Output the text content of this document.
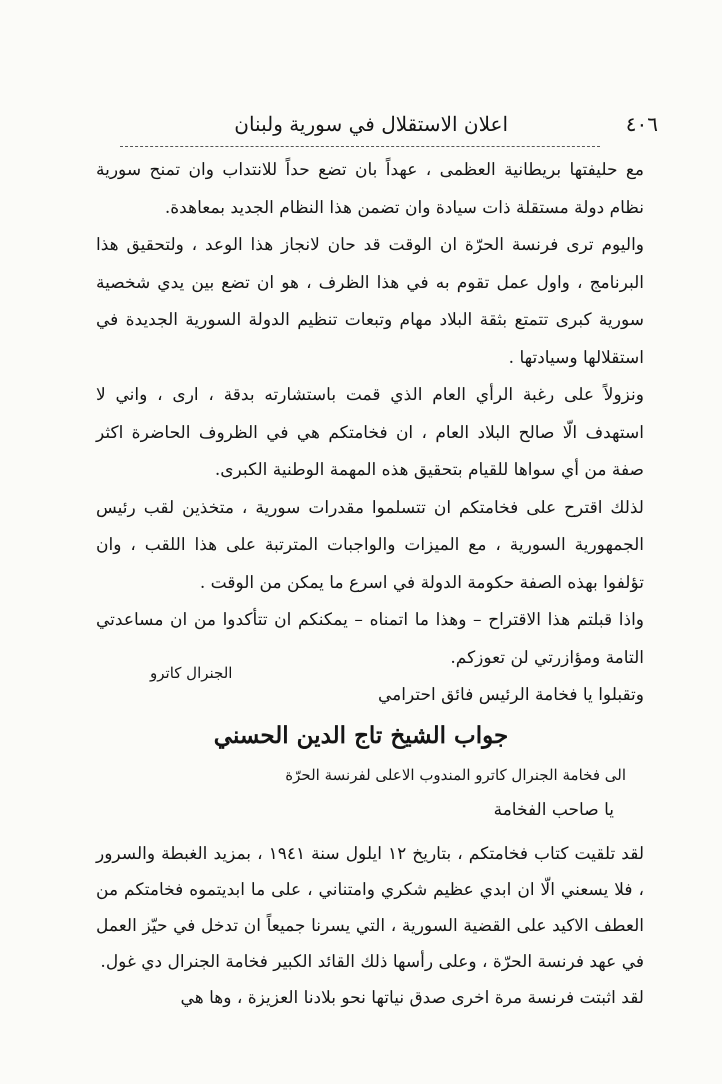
٤٠٦
اعلان الاستقلال في سورية ولبنان

مع حليفتها بريطانية العظمى ، عهداً بان تضع حداً للانتداب وان تمنح سورية نظام دولة مستقلة ذات سيادة وان تضمن هذا النظام الجديد بمعاهدة.

واليوم ترى فرنسة الحرّة ان الوقت قد حان لانجاز هذا الوعد ، ولتحقيق هذا البرنامج ، واول عمل تقوم به في هذا الظرف ، هو ان تضع بين يدي شخصية سورية كبرى تتمتع بثقة البلاد مهام وتبعات تنظيم الدولة السورية الجديدة في استقلالها وسيادتها .

ونزولاً على رغبة الرأي العام الذي قمت باستشارته بدقة ، ارى ، واني لا استهدف الّا صالح البلاد العام ، ان فخامتكم هي في الظروف الحاضرة اكثر صفة من أي سواها للقيام بتحقيق هذه المهمة الوطنية الكبرى.

لذلك اقترح على فخامتكم ان تتسلموا مقدرات سورية ، متخذين لقب رئيس الجمهورية السورية ، مع الميزات والواجبات المترتبة على هذا اللقب ، وان تؤلفوا بهذه الصفة حكومة الدولة في اسرع ما يمكن من الوقت .

واذا قبلتم هذا الاقتراح – وهذا ما اتمناه – يمكنكم ان تتأكدوا من ان مساعدتي التامة ومؤازرتي لن تعوزكم.

وتقبلوا يا فخامة الرئيس فائق احترامي

الجنرال كاترو
جواب الشيخ تاج الدين الحسني
الى فخامة الجنرال كاترو المندوب الاعلى لفرنسة الحرّة
يا صاحب الفخامة

لقد تلقيت كتاب فخامتكم ، بتاريخ ١٢ ايلول سنة ١٩٤١ ، بمزيد الغبطة والسرور ، فلا يسعني الّا ان ابدي عظيم شكري وامتناني ، على ما ابديتموه فخامتكم من العطف الاكيد على القضية السورية ، التي يسرنا جميعاً ان تدخل في حيّز العمل في عهد فرنسة الحرّة ، وعلى رأسها ذلك القائد الكبير فخامة الجنرال دي غول.

لقد اثبتت فرنسة مرة اخرى صدق نياتها نحو بلادنا العزيزة ، وها هي
